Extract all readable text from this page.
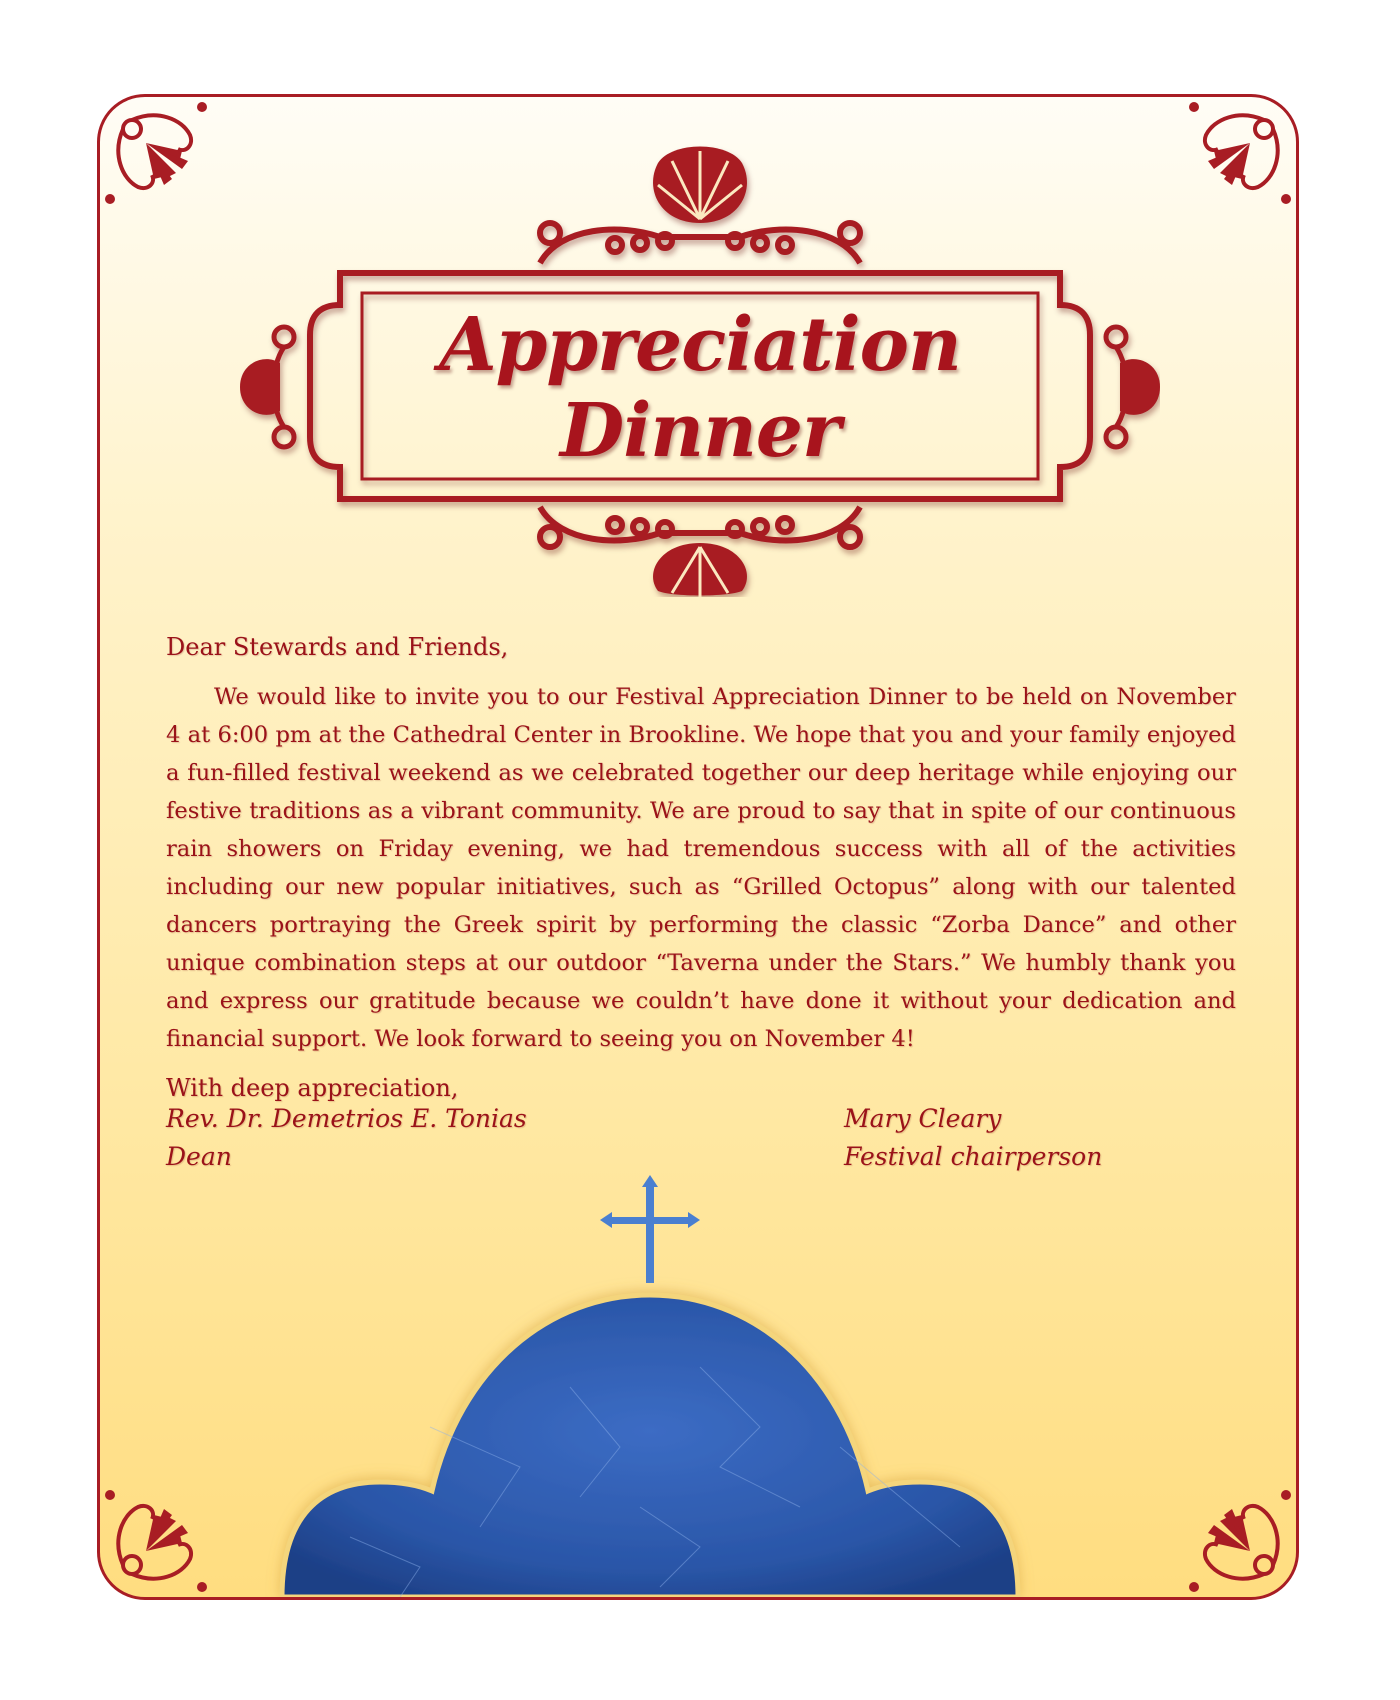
Appreciation Dinner

Dear Stewards and Friends,

We would like to invite you to our Festival Appreciation Dinner to be held on November 4 at 6:00 pm at the Cathedral Center in Brookline. We hope that you and your family enjoyed a fun-filled festival weekend as we celebrated together our deep heritage while enjoying our festive traditions as a vibrant community. We are proud to say that in spite of our continuous rain showers on Friday evening, we had tremendous success with all of the activities including our new popular initiatives, such as “Grilled Octopus” along with our talented dancers portraying the Greek spirit by performing the classic “Zorba Dance” and other unique combination steps at our outdoor “Taverna under the Stars.” We humbly thank you and express our gratitude because we couldn’t have done it without your dedication and financial support. We look forward to seeing you on November 4!

With deep appreciation,

Rev. Dr. Demetrios E. Tonias
Dean
Mary Cleary
Festival chairperson
